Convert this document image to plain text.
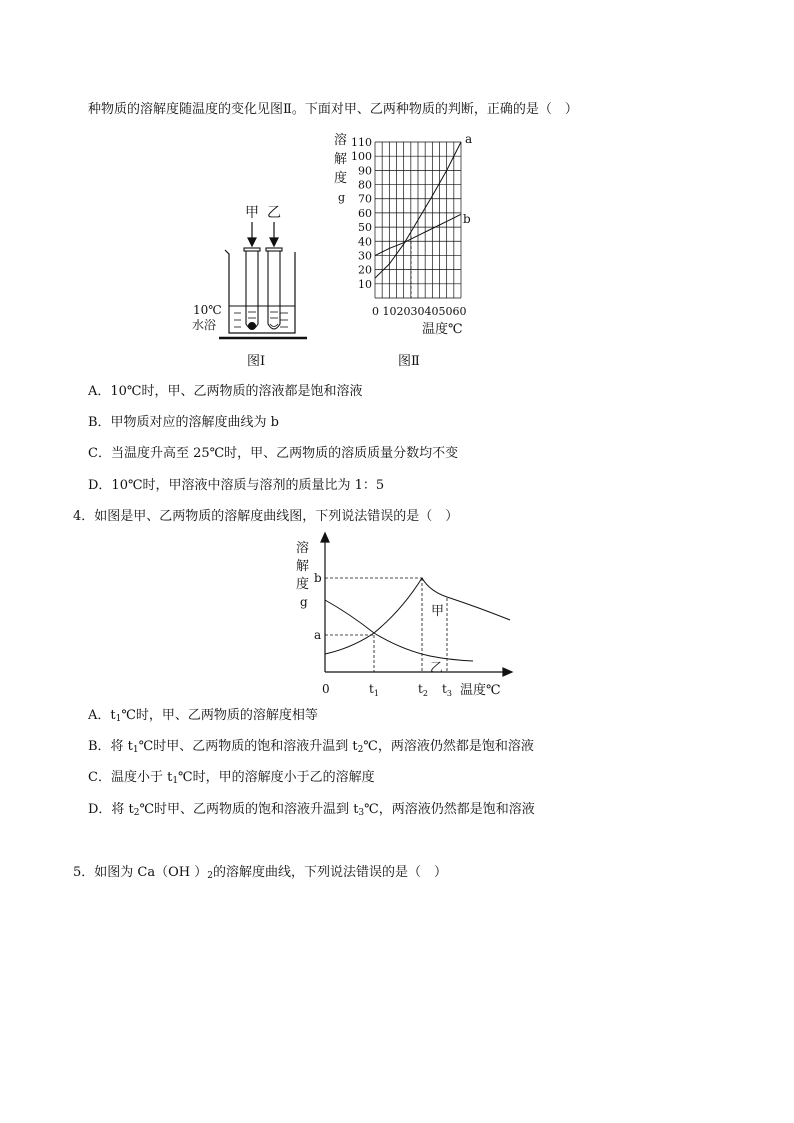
种物质的溶解度随温度的变化见图Ⅱ。下面对甲、乙两种物质的判断，正确的是（　）
甲 乙
10℃
水浴
图Ⅰ
溶
解
度
g
110
100
90
80
70
60
50
40
30
20
10
0 102030405060
温度℃
a
b
图Ⅱ
A．10℃时，甲、乙两物质的溶液都是饱和溶液
B．甲物质对应的溶解度曲线为 b
C．当温度升高至 25℃时，甲、乙两物质的溶质质量分数均不变
D．10℃时，甲溶液中溶质与溶剂的质量比为 1：5
4．如图是甲、乙两物质的溶解度曲线图，下列说法错误的是（　）
溶
解
度
g
b
a
0	$t_1$	$t_2$ $t_3$ 温度℃
甲
乙
A．$t_1℃$时，甲、乙两物质的溶解度相等
B．将 $t_1℃$时甲、乙两物质的饱和溶液升温到 $t_2℃$，两溶液仍然都是饱和溶液
C．温度小于 $t_1℃$时，甲的溶解度小于乙的溶解度
D．将 $t_2℃$时甲、乙两物质的饱和溶液升温到 $t_3℃$，两溶液仍然都是饱和溶液
5．如图为 Ca（OH ）$_2$的溶解度曲线，下列说法错误的是（　）
